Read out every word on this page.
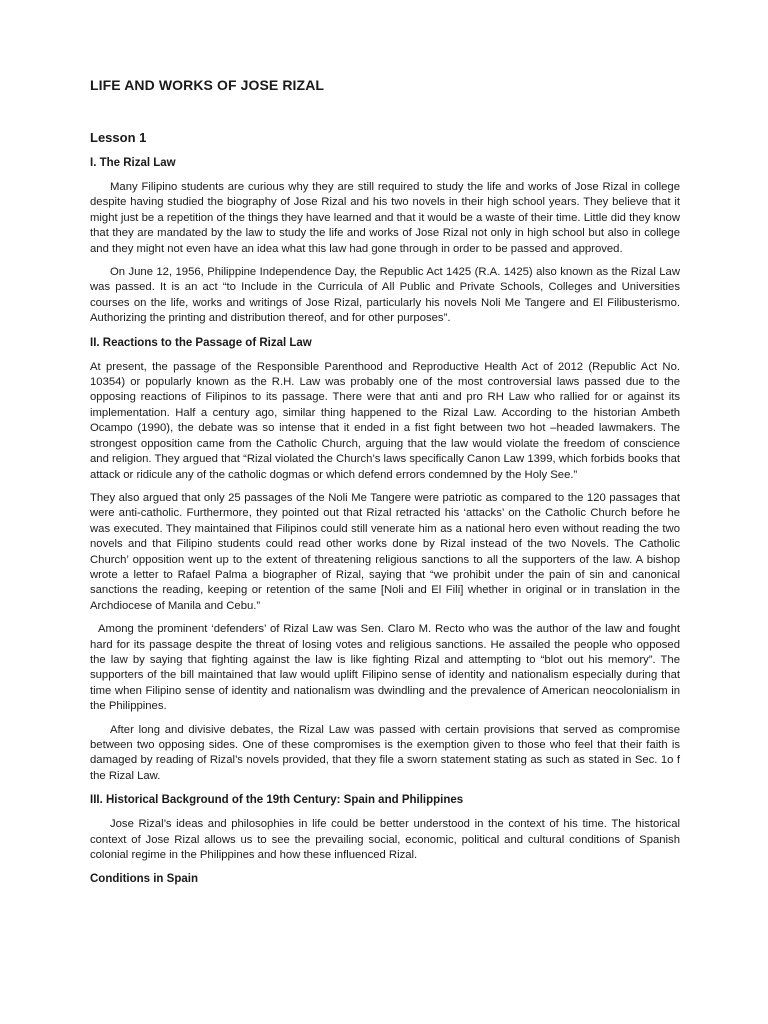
LIFE AND WORKS OF JOSE RIZAL
Lesson 1
I. The Rizal Law

Many Filipino students are curious why they are still required to study the life and works of Jose Rizal in college despite having studied the biography of Jose Rizal and his two novels in their high school years. They believe that it might just be a repetition of the things they have learned and that it would be a waste of their time. Little did they know that they are mandated by the law to study the life and works of Jose Rizal not only in high school but also in college and they might not even have an idea what this law had gone through in order to be passed and approved.

On June 12, 1956, Philippine Independence Day, the Republic Act 1425 (R.A. 1425) also known as the Rizal Law was passed. It is an act “to Include in the Curricula of All Public and Private Schools, Colleges and Universities courses on the life, works and writings of Jose Rizal, particularly his novels Noli Me Tangere and El Filibusterismo. Authorizing the printing and distribution thereof, and for other purposes”.

II. Reactions to the Passage of Rizal Law

At present, the passage of the Responsible Parenthood and Reproductive Health Act of 2012 (Republic Act No. 10354) or popularly known as the R.H. Law was probably one of the most controversial laws passed due to the opposing reactions of Filipinos to its passage. There were that anti and pro RH Law who rallied for or against its implementation. Half a century ago, similar thing happened to the Rizal Law. According to the historian Ambeth Ocampo (1990), the debate was so intense that it ended in a fist fight between two hot –headed lawmakers. The strongest opposition came from the Catholic Church, arguing that the law would violate the freedom of conscience and religion. They argued that “Rizal violated the Church’s laws specifically Canon Law 1399, which forbids books that attack or ridicule any of the catholic dogmas or which defend errors condemned by the Holy See.”

They also argued that only 25 passages of the Noli Me Tangere were patriotic as compared to the 120 passages that were anti-catholic. Furthermore, they pointed out that Rizal retracted his ‘attacks’ on the Catholic Church before he was executed. They maintained that Filipinos could still venerate him as a national hero even without reading the two novels and that Filipino students could read other works done by Rizal instead of the two Novels. The Catholic Church’ opposition went up to the extent of threatening religious sanctions to all the supporters of the law. A bishop wrote a letter to Rafael Palma a biographer of Rizal, saying that “we prohibit under the pain of sin and canonical sanctions the reading, keeping or retention of the same [Noli and El Fili] whether in original or in translation in the Archdiocese of Manila and Cebu.”

Among the prominent ‘defenders’ of Rizal Law was Sen. Claro M. Recto who was the author of the law and fought hard for its passage despite the threat of losing votes and religious sanctions. He assailed the people who opposed the law by saying that fighting against the law is like fighting Rizal and attempting to “blot out his memory”. The supporters of the bill maintained that law would uplift Filipino sense of identity and nationalism especially during that time when Filipino sense of identity and nationalism was dwindling and the prevalence of American neocolonialism in the Philippines.

After long and divisive debates, the Rizal Law was passed with certain provisions that served as compromise between two opposing sides. One of these compromises is the exemption given to those who feel that their faith is damaged by reading of Rizal’s novels provided, that they file a sworn statement stating as such as stated in Sec. 1o f the Rizal Law.

III. Historical Background of the 19th Century: Spain and Philippines

Jose Rizal’s ideas and philosophies in life could be better understood in the context of his time. The historical context of Jose Rizal allows us to see the prevailing social, economic, political and cultural conditions of Spanish colonial regime in the Philippines and how these influenced Rizal.

Conditions in Spain
